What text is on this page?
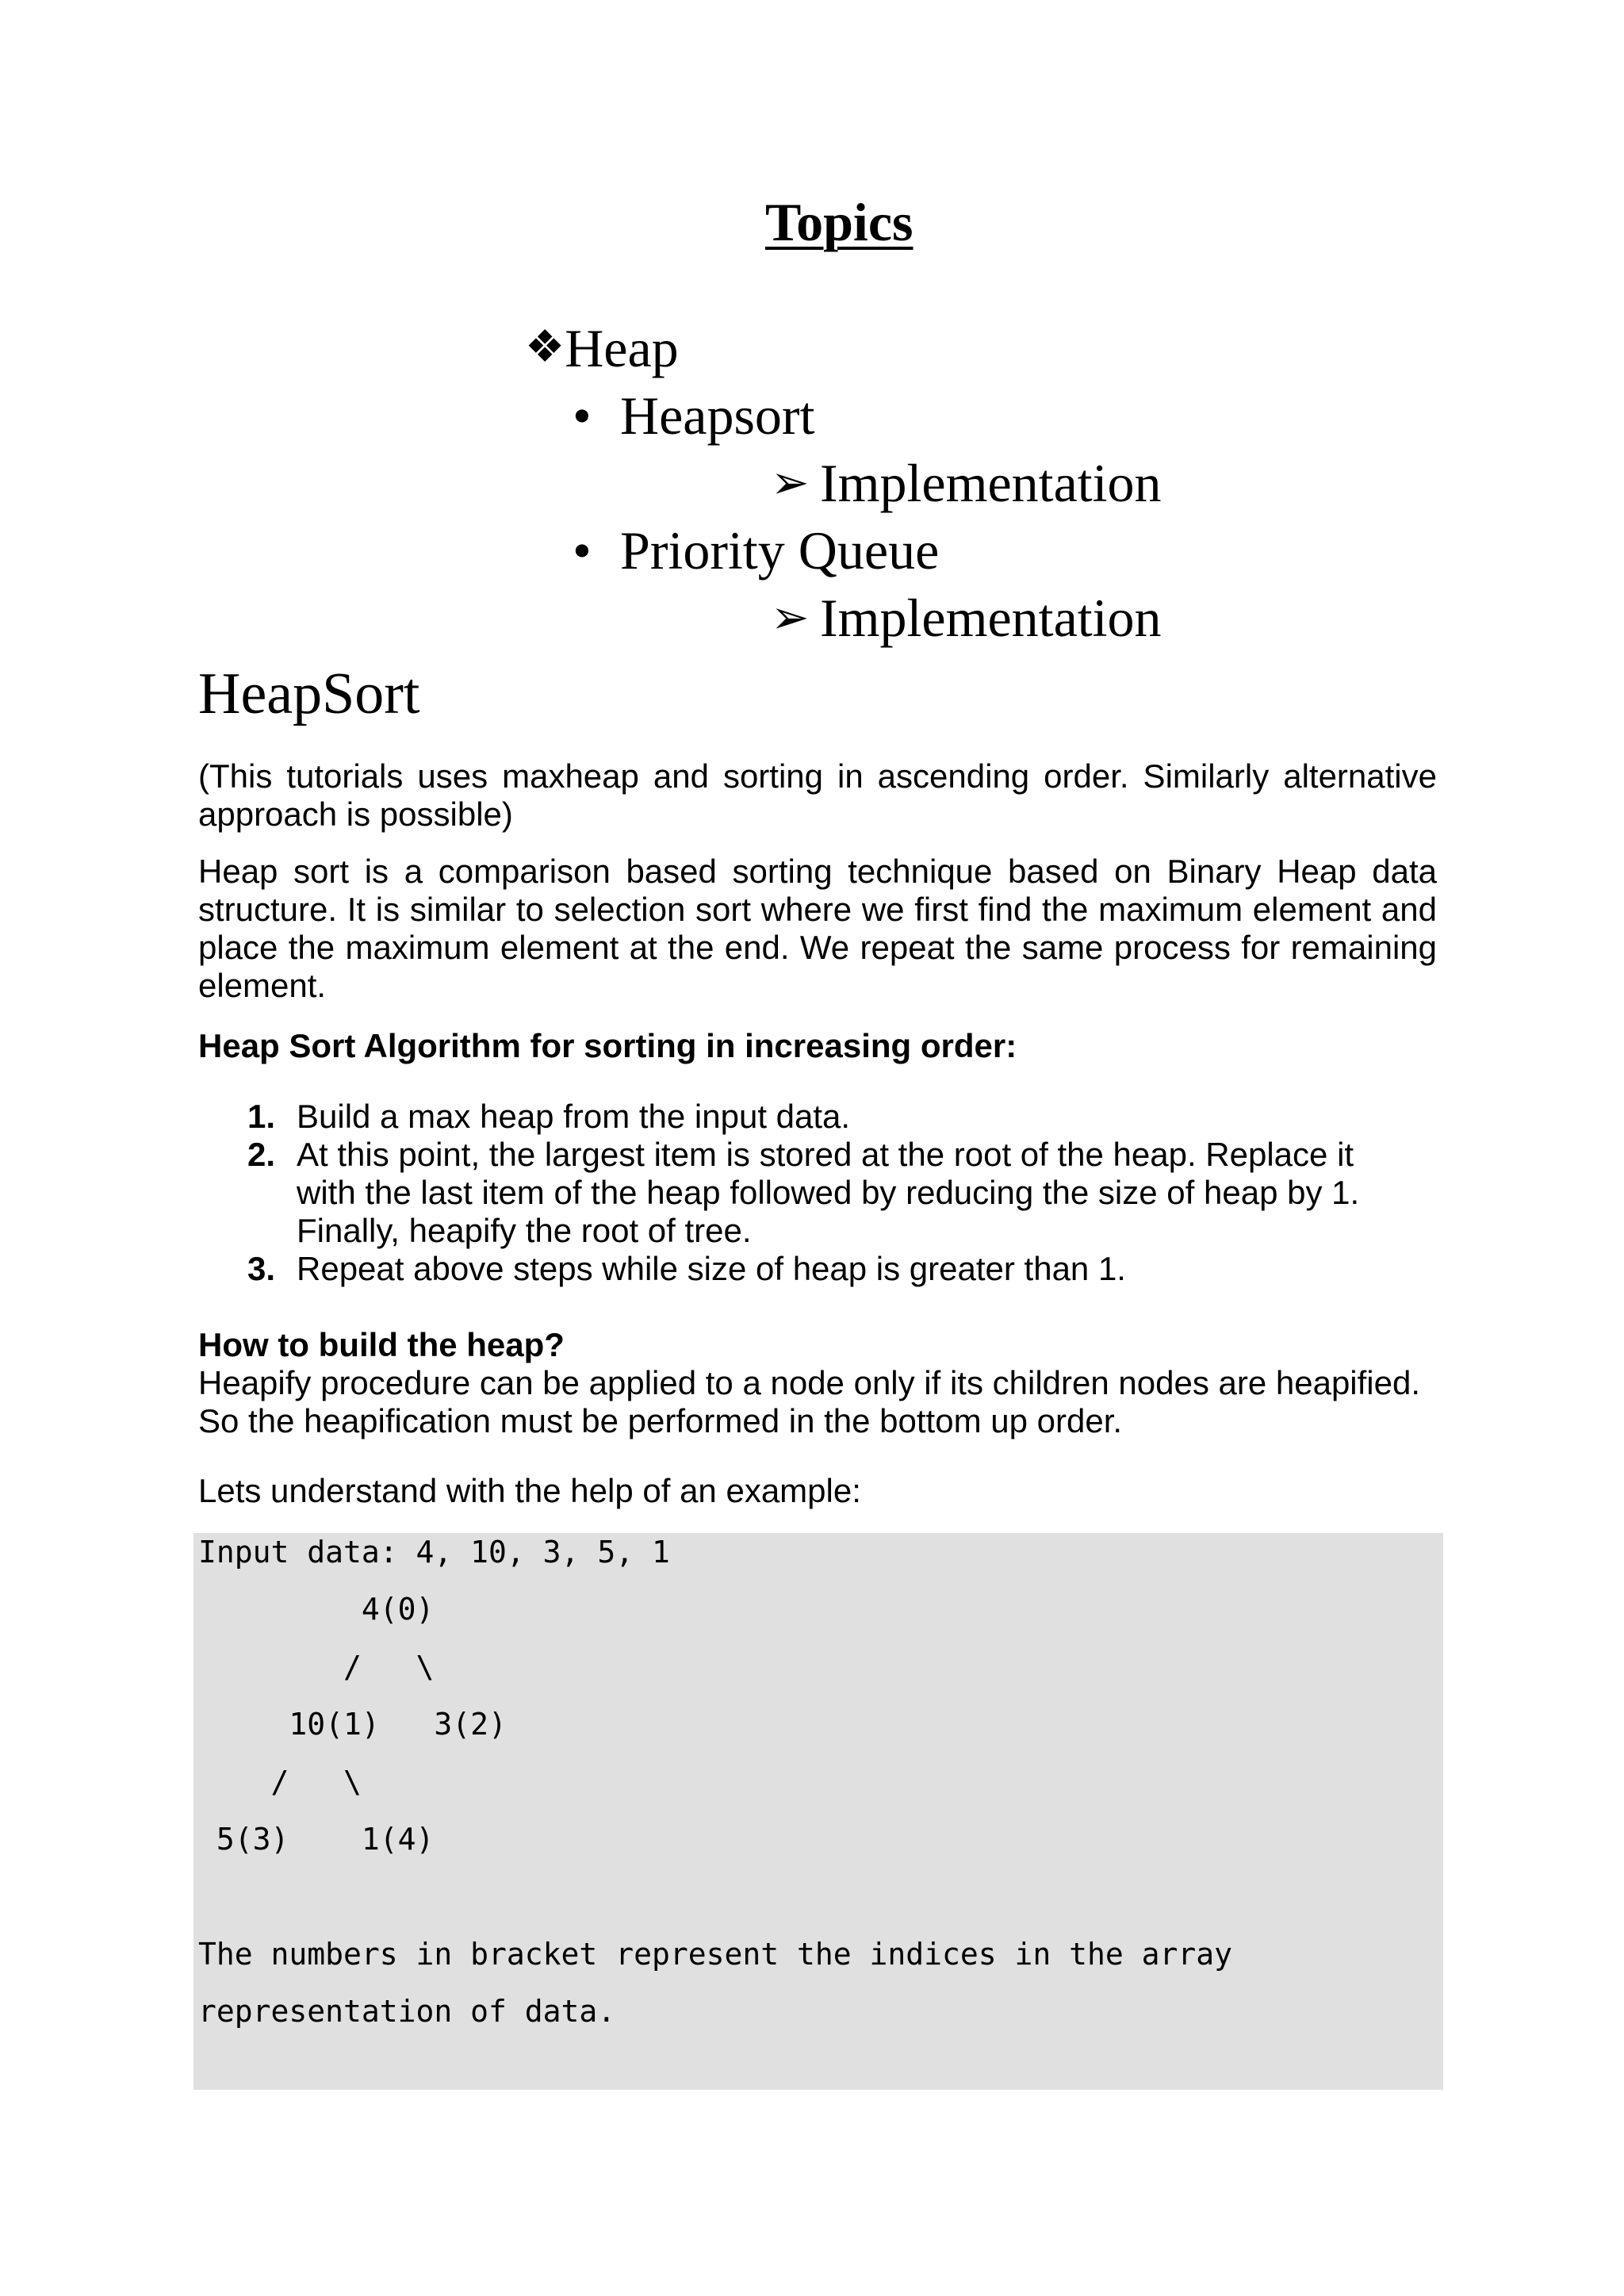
Topics

❖Heap

• Heapsort

➢ Implementation

• Priority Queue

➢ Implementation

HeapSort
(This tutorials uses maxheap and sorting in ascending order. Similarly alternative approach is possible)
Heap sort is a comparison based sorting technique based on Binary Heap data structure. It is similar to selection sort where we first find the maximum element and place the maximum element at the end. We repeat the same process for remaining element.
Heap Sort Algorithm for sorting in increasing order:
1. Build a max heap from the input data.
2. At this point, the largest item is stored at the root of the heap. Replace it with the last item of the heap followed by reducing the size of heap by 1. Finally, heapify the root of tree.
3. Repeat above steps while size of heap is greater than 1.
How to build the heap?
Heapify procedure can be applied to a node only if its children nodes are heapified.
So the heapification must be performed in the bottom up order.
Lets understand with the help of an example:
Input data: 4, 10, 3, 5, 1
4(0)
/   \
10(1)   3(2)
/   \
5(3)    1(4)
The numbers in bracket represent the indices in the array
representation of data.
